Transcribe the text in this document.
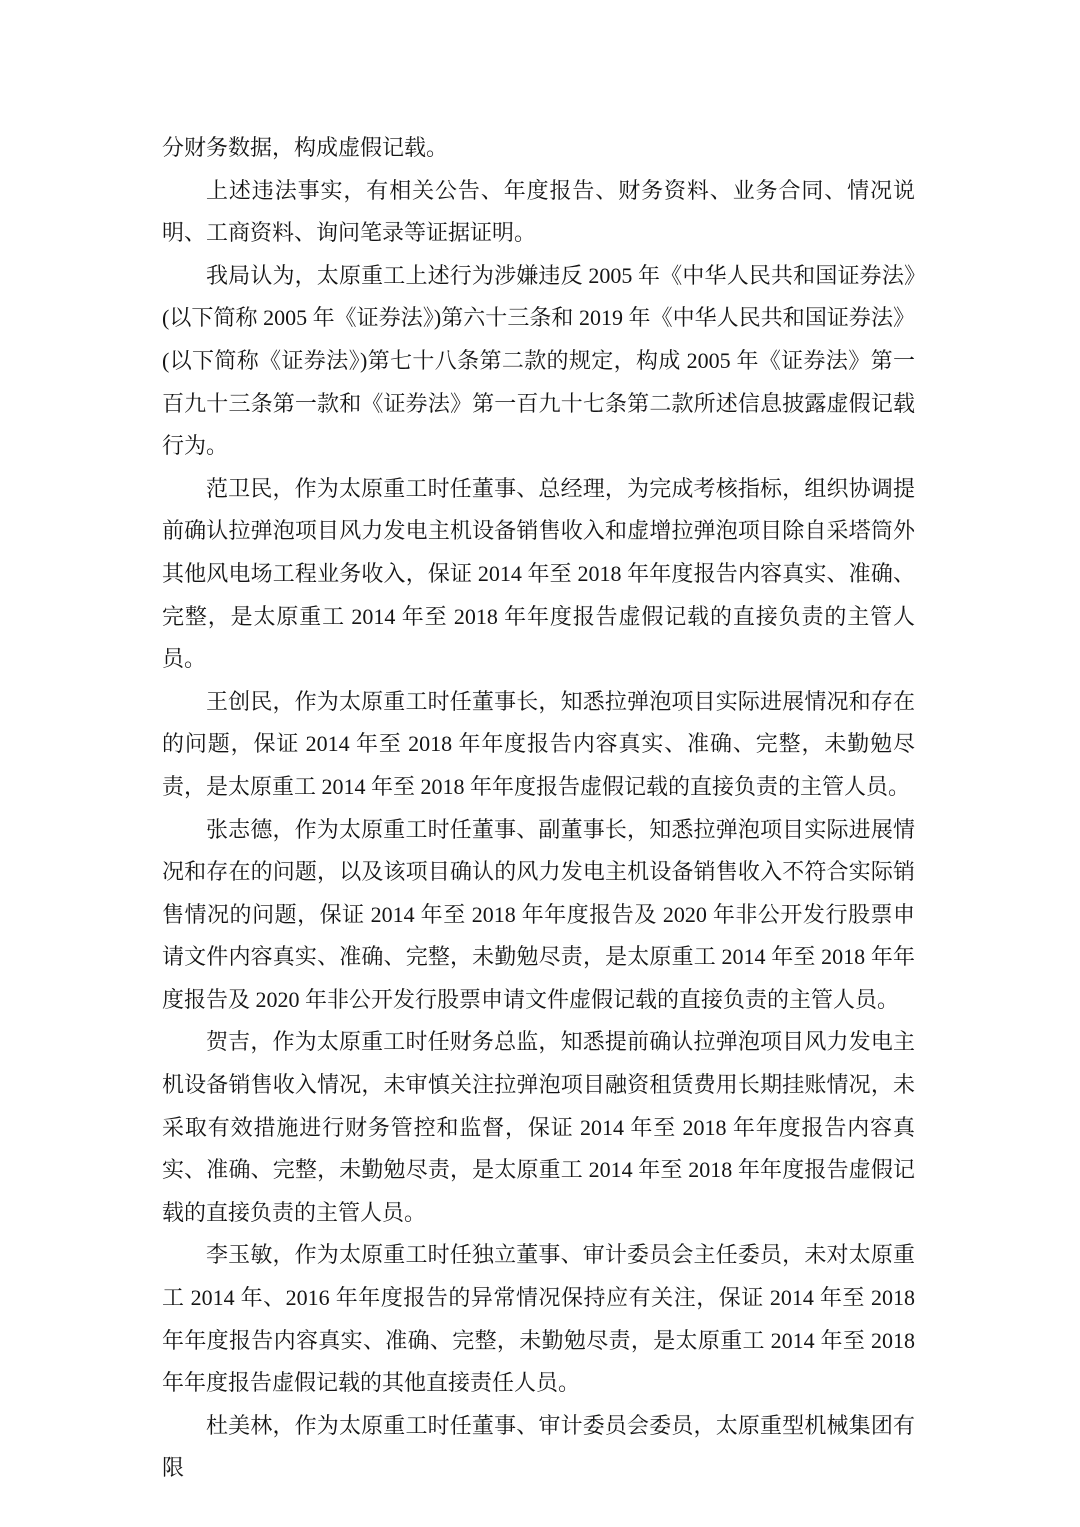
分财务数据，构成虚假记载。

上述违法事实，有相关公告、年度报告、财务资料、业务合同、情况说明、工商资料、询问笔录等证据证明。

我局认为，太原重工上述行为涉嫌违反 2005 年《中华人民共和国证券法》(以下简称 2005 年《证券法》)第六十三条和 2019 年《中华人民共和国证券法》(以下简称《证券法》)第七十八条第二款的规定，构成 2005 年《证券法》第一百九十三条第一款和《证券法》第一百九十七条第二款所述信息披露虚假记载行为。

范卫民，作为太原重工时任董事、总经理，为完成考核指标，组织协调提前确认拉弹泡项目风力发电主机设备销售收入和虚增拉弹泡项目除自采塔筒外其他风电场工程业务收入，保证 2014 年至 2018 年年度报告内容真实、准确、完整，是太原重工 2014 年至 2018 年年度报告虚假记载的直接负责的主管人员。

王创民，作为太原重工时任董事长，知悉拉弹泡项目实际进展情况和存在的问题，保证 2014 年至 2018 年年度报告内容真实、准确、完整，未勤勉尽责，是太原重工 2014 年至 2018 年年度报告虚假记载的直接负责的主管人员。

张志德，作为太原重工时任董事、副董事长，知悉拉弹泡项目实际进展情况和存在的问题，以及该项目确认的风力发电主机设备销售收入不符合实际销售情况的问题，保证 2014 年至 2018 年年度报告及 2020 年非公开发行股票申请文件内容真实、准确、完整，未勤勉尽责，是太原重工 2014 年至 2018 年年度报告及 2020 年非公开发行股票申请文件虚假记载的直接负责的主管人员。

贺吉，作为太原重工时任财务总监，知悉提前确认拉弹泡项目风力发电主机设备销售收入情况，未审慎关注拉弹泡项目融资租赁费用长期挂账情况，未采取有效措施进行财务管控和监督，保证 2014 年至 2018 年年度报告内容真实、准确、完整，未勤勉尽责，是太原重工 2014 年至 2018 年年度报告虚假记载的直接负责的主管人员。

李玉敏，作为太原重工时任独立董事、审计委员会主任委员，未对太原重工 2014 年、2016 年年度报告的异常情况保持应有关注，保证 2014 年至 2018 年年度报告内容真实、准确、完整，未勤勉尽责，是太原重工 2014 年至 2018 年年度报告虚假记载的其他直接责任人员。

杜美林，作为太原重工时任董事、审计委员会委员，太原重型机械集团有限
